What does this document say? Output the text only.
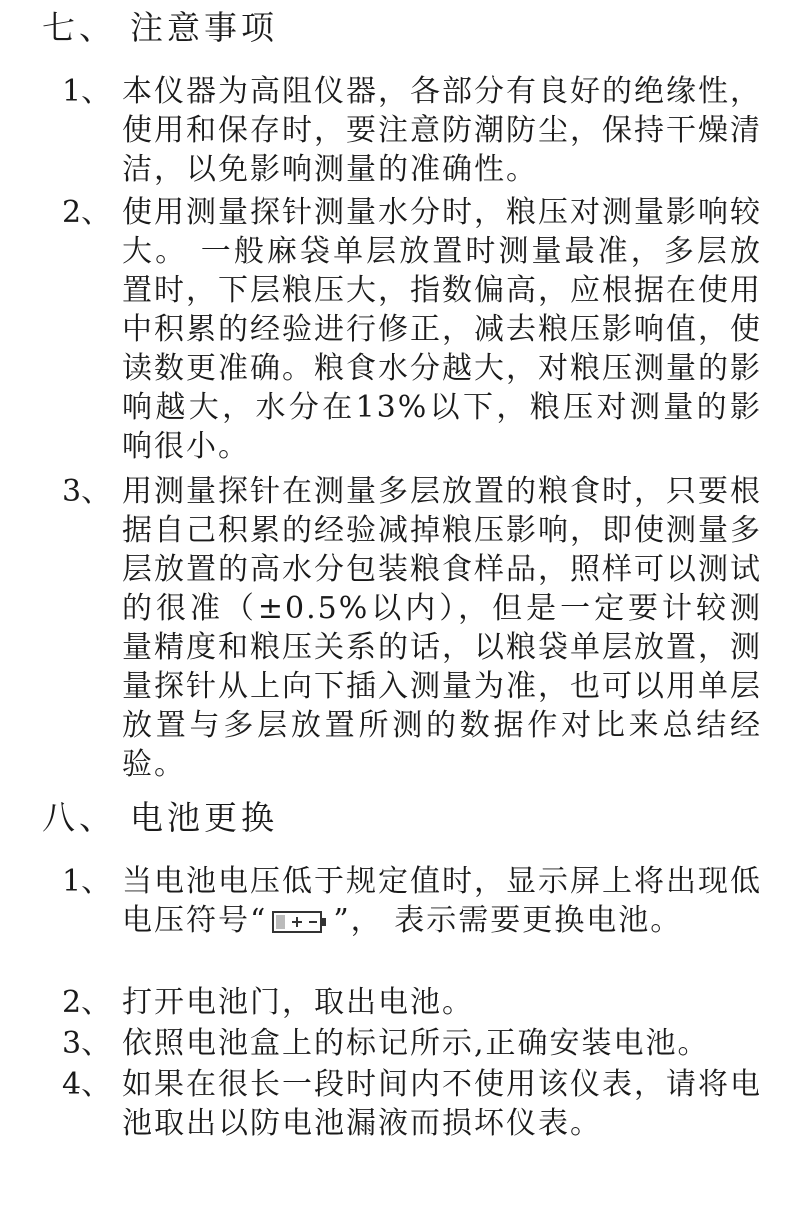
七、 注意事项
1、 本仪器为高阻仪器，各部分有良好的绝缘性，使用和保存时，要注意防潮防尘，保持干燥清洁，以免影响测量的准确性。
2、 使用测量探针测量水分时，粮压对测量影响较大。 一般麻袋单层放置时测量最准，多层放置时，下层粮压大，指数偏高，应根据在使用中积累的经验进行修正，减去粮压影响值，使读数更准确。粮食水分越大，对粮压测量的影响越大，水分在13%以下，粮压对测量的影响很小。
3、 用测量探针在测量多层放置的粮食时，只要根据自己积累的经验减掉粮压影响，即使测量多层放置的高水分包装粮食样品，照样可以测试的很准（±0.5%以内），但是一定要计较测量精度和粮压关系的话，以粮袋单层放置，测量探针从上向下插入测量为准，也可以用单层放置与多层放置所测的数据作对比来总结经验。
八、 电池更换
1、 当电池电压低于规定值时，显示屏上将出现低电压符号“ ”， 表示需要更换电池。
2、 打开电池门，取出电池。
3、 依照电池盒上的标记所示,正确安装电池。
4、 如果在很长一段时间内不使用该仪表，请将电池取出以防电池漏液而损坏仪表。
